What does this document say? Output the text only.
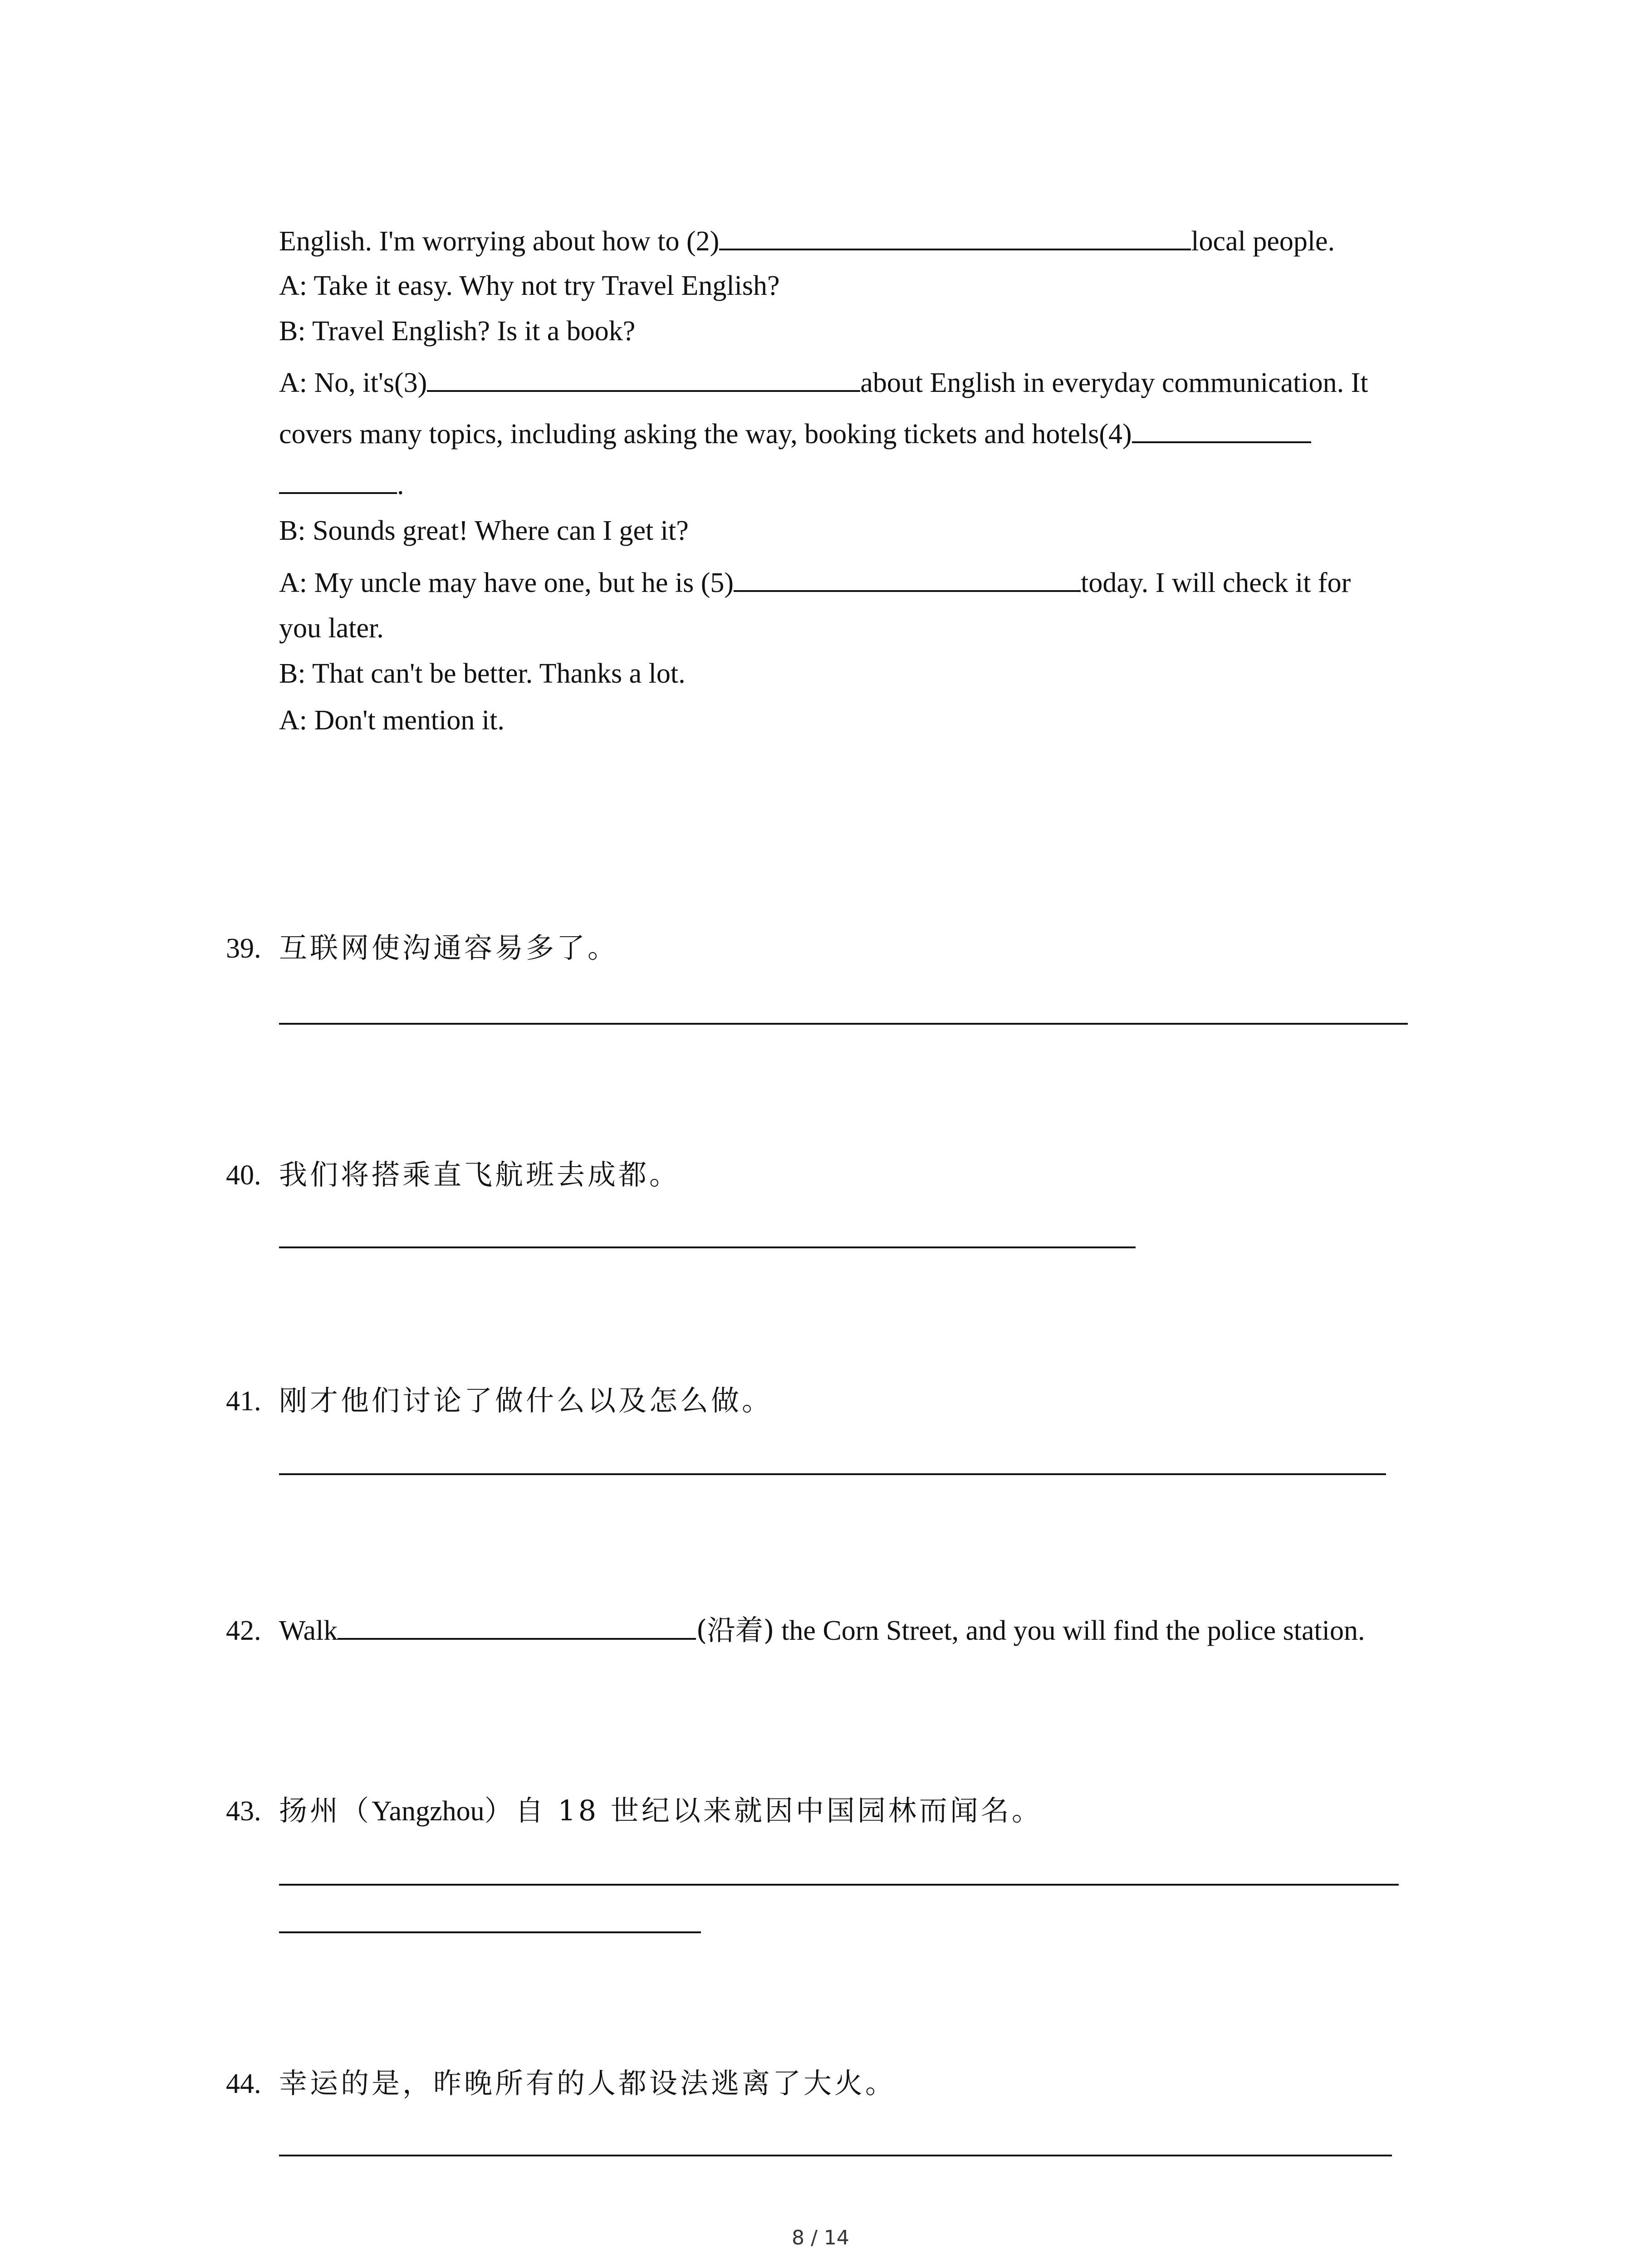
English. I'm worrying about how to (2)	local people.
A: Take it easy. Why not try Travel English?
B: Travel English? Is it a book?
A: No, it's(3)	about English in everyday communication. It
covers many topics, including asking the way, booking tickets and hotels(4)
.
B: Sounds great! Where can I get it?
A: My uncle may have one, but he is (5)	today. I will check it for
you later.
B: That can't be better. Thanks a lot.
A: Don't mention it.
39. 互联网使沟通容易多了。
40. 我们将搭乘直飞航班去成都。
41. 刚才他们讨论了做什么以及怎么做。
42. Walk	(沿着) the Corn Street, and you will find the police station.
43. 扬州（Yangzhou）自 18 世纪以来就因中国园林而闻名。
44. 幸运的是，昨晚所有的人都设法逃离了大火。
8 / 14
